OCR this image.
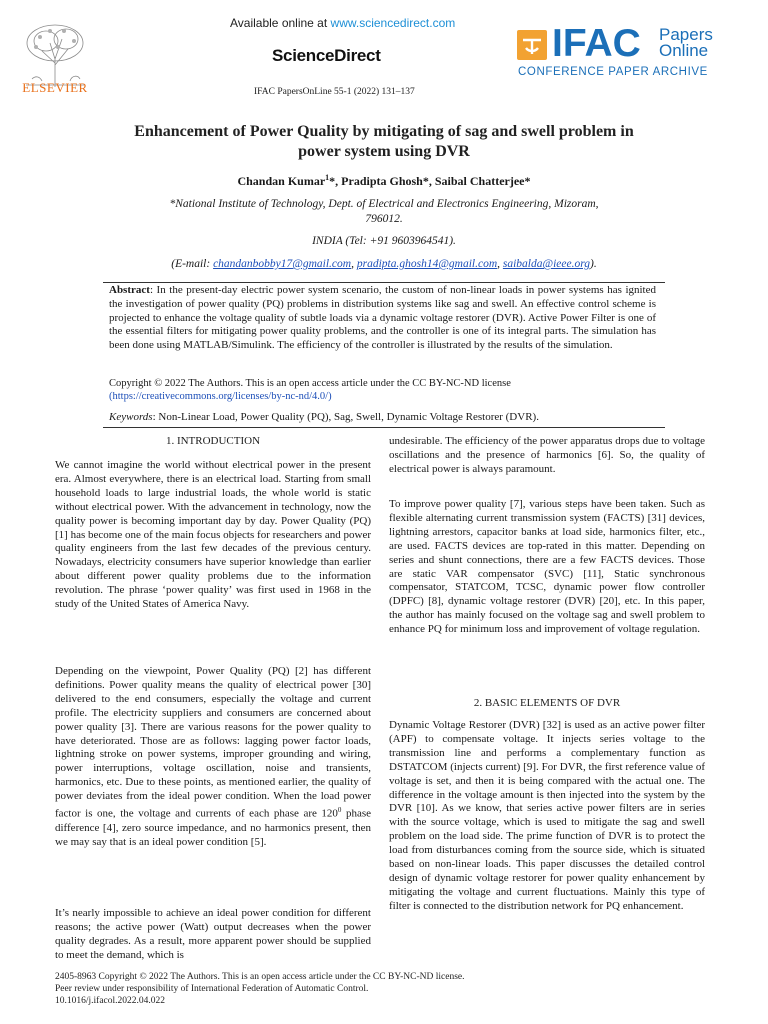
ELSEVIER
Available online at www.sciencedirect.com
ScienceDirect
IFAC PapersOnLine 55-1 (2022) 131–137
IFAC Papers
Online
CONFERENCE PAPER ARCHIVE
Enhancement of Power Quality by mitigating of sag and swell problem in
power system using DVR
Chandan Kumar$^1$*, Pradipta Ghosh*, Saibal Chatterjee*
*National Institute of Technology, Dept. of Electrical and Electronics Engineering, Mizoram,
796012.
INDIA (Tel: +91 9603964541).
(E-mail: chandanbobby17@gmail.com, pradipta.ghosh14@gmail.com, saibalda@ieee.org).
Abstract: In the present-day electric power system scenario, the custom of non-linear loads in power systems has ignited the investigation of power quality (PQ) problems in distribution systems like sag and swell. An effective control scheme is projected to enhance the voltage quality of subtle loads via a dynamic voltage restorer (DVR). Active Power Filter is one of the essential filters for mitigating power quality problems, and the controller is one of its integral parts. The simulation has been done using MATLAB/Simulink. The efficiency of the controller is illustrated by the results of the simulation.
Copyright © 2022 The Authors. This is an open access article under the CC BY-NC-ND license
(https://creativecommons.org/licenses/by-nc-nd/4.0/)
Keywords: Non-Linear Load, Power Quality (PQ), Sag, Swell, Dynamic Voltage Restorer (DVR).
1. INTRODUCTION
We cannot imagine the world without electrical power in the present era. Almost everywhere, there is an electrical load. Starting from small household loads to large industrial loads, the whole world is static without electrical power. With the advancement in technology, now the quality power is becoming important day by day. Power Quality (PQ) [1] has become one of the main focus objects for researchers and power quality engineers from the last few decades of the previous century. Nowadays, electricity consumers have superior knowledge than earlier about different power quality problems due to the information revolution. The phrase ‘power quality’ was first used in 1968 in the study of the United States of America Navy.
Depending on the viewpoint, Power Quality (PQ) [2] has different definitions. Power quality means the quality of electrical power [30] delivered to the end consumers, especially the voltage and current profile. The electricity suppliers and consumers are concerned about power quality [3]. There are various reasons for the power quality to have deteriorated. Those are as follows: lagging power factor loads, lightning stroke on power systems, improper grounding and wiring, power interruptions, voltage oscillation, noise and transients, harmonics, etc. Due to these points, as mentioned earlier, the quality of power deviates from the ideal power condition. When the load power factor is one, the voltage and currents of each phase are $120^0$ phase difference [4], zero source impedance, and no harmonics present, then we may say that is an ideal power condition [5].
It’s nearly impossible to achieve an ideal power condition for different reasons; the active power (Watt) output decreases when the power quality degrades. As a result, more apparent power should be supplied to meet the demand, which is
undesirable. The efficiency of the power apparatus drops due to voltage oscillations and the presence of harmonics [6]. So, the quality of electrical power is always paramount.
To improve power quality [7], various steps have been taken. Such as flexible alternating current transmission system (FACTS) [31] devices, lightning arrestors, capacitor banks at load side, harmonics filter, etc., are used. FACTS devices are top-rated in this matter. Depending on series and shunt connections, there are a few FACTS devices. Those are static VAR compensator (SVC) [11], Static synchronous compensator, STATCOM, TCSC, dynamic power flow controller (DPFC) [8], dynamic voltage restorer (DVR) [20], etc. In this paper, the author has mainly focused on the voltage sag and swell problem to enhance PQ for minimum loss and improvement of voltage regulation.
2. BASIC ELEMENTS OF DVR
Dynamic Voltage Restorer (DVR) [32] is used as an active power filter (APF) to compensate voltage. It injects series voltage to the transmission line and performs a complementary function as DSTATCOM (injects current) [9]. For DVR, the first reference value of voltage is set, and then it is being compared with the actual one. The difference in the voltage amount is then injected into the system by the DVR [10]. As we know, that series active power filters are in series with the source voltage, which is used to mitigate the sag and swell problem on the load side. The prime function of DVR is to protect the load from disturbances coming from the source side, which is situated based on non-linear loads. This paper discusses the detailed control design of dynamic voltage restorer for power quality enhancement by mitigating the voltage and current fluctuations. Mainly this type of filter is connected to the distribution network for PQ enhancement.
2405-8963 Copyright © 2022 The Authors. This is an open access article under the CC BY-NC-ND license.
Peer review under responsibility of International Federation of Automatic Control.
10.1016/j.ifacol.2022.04.022
